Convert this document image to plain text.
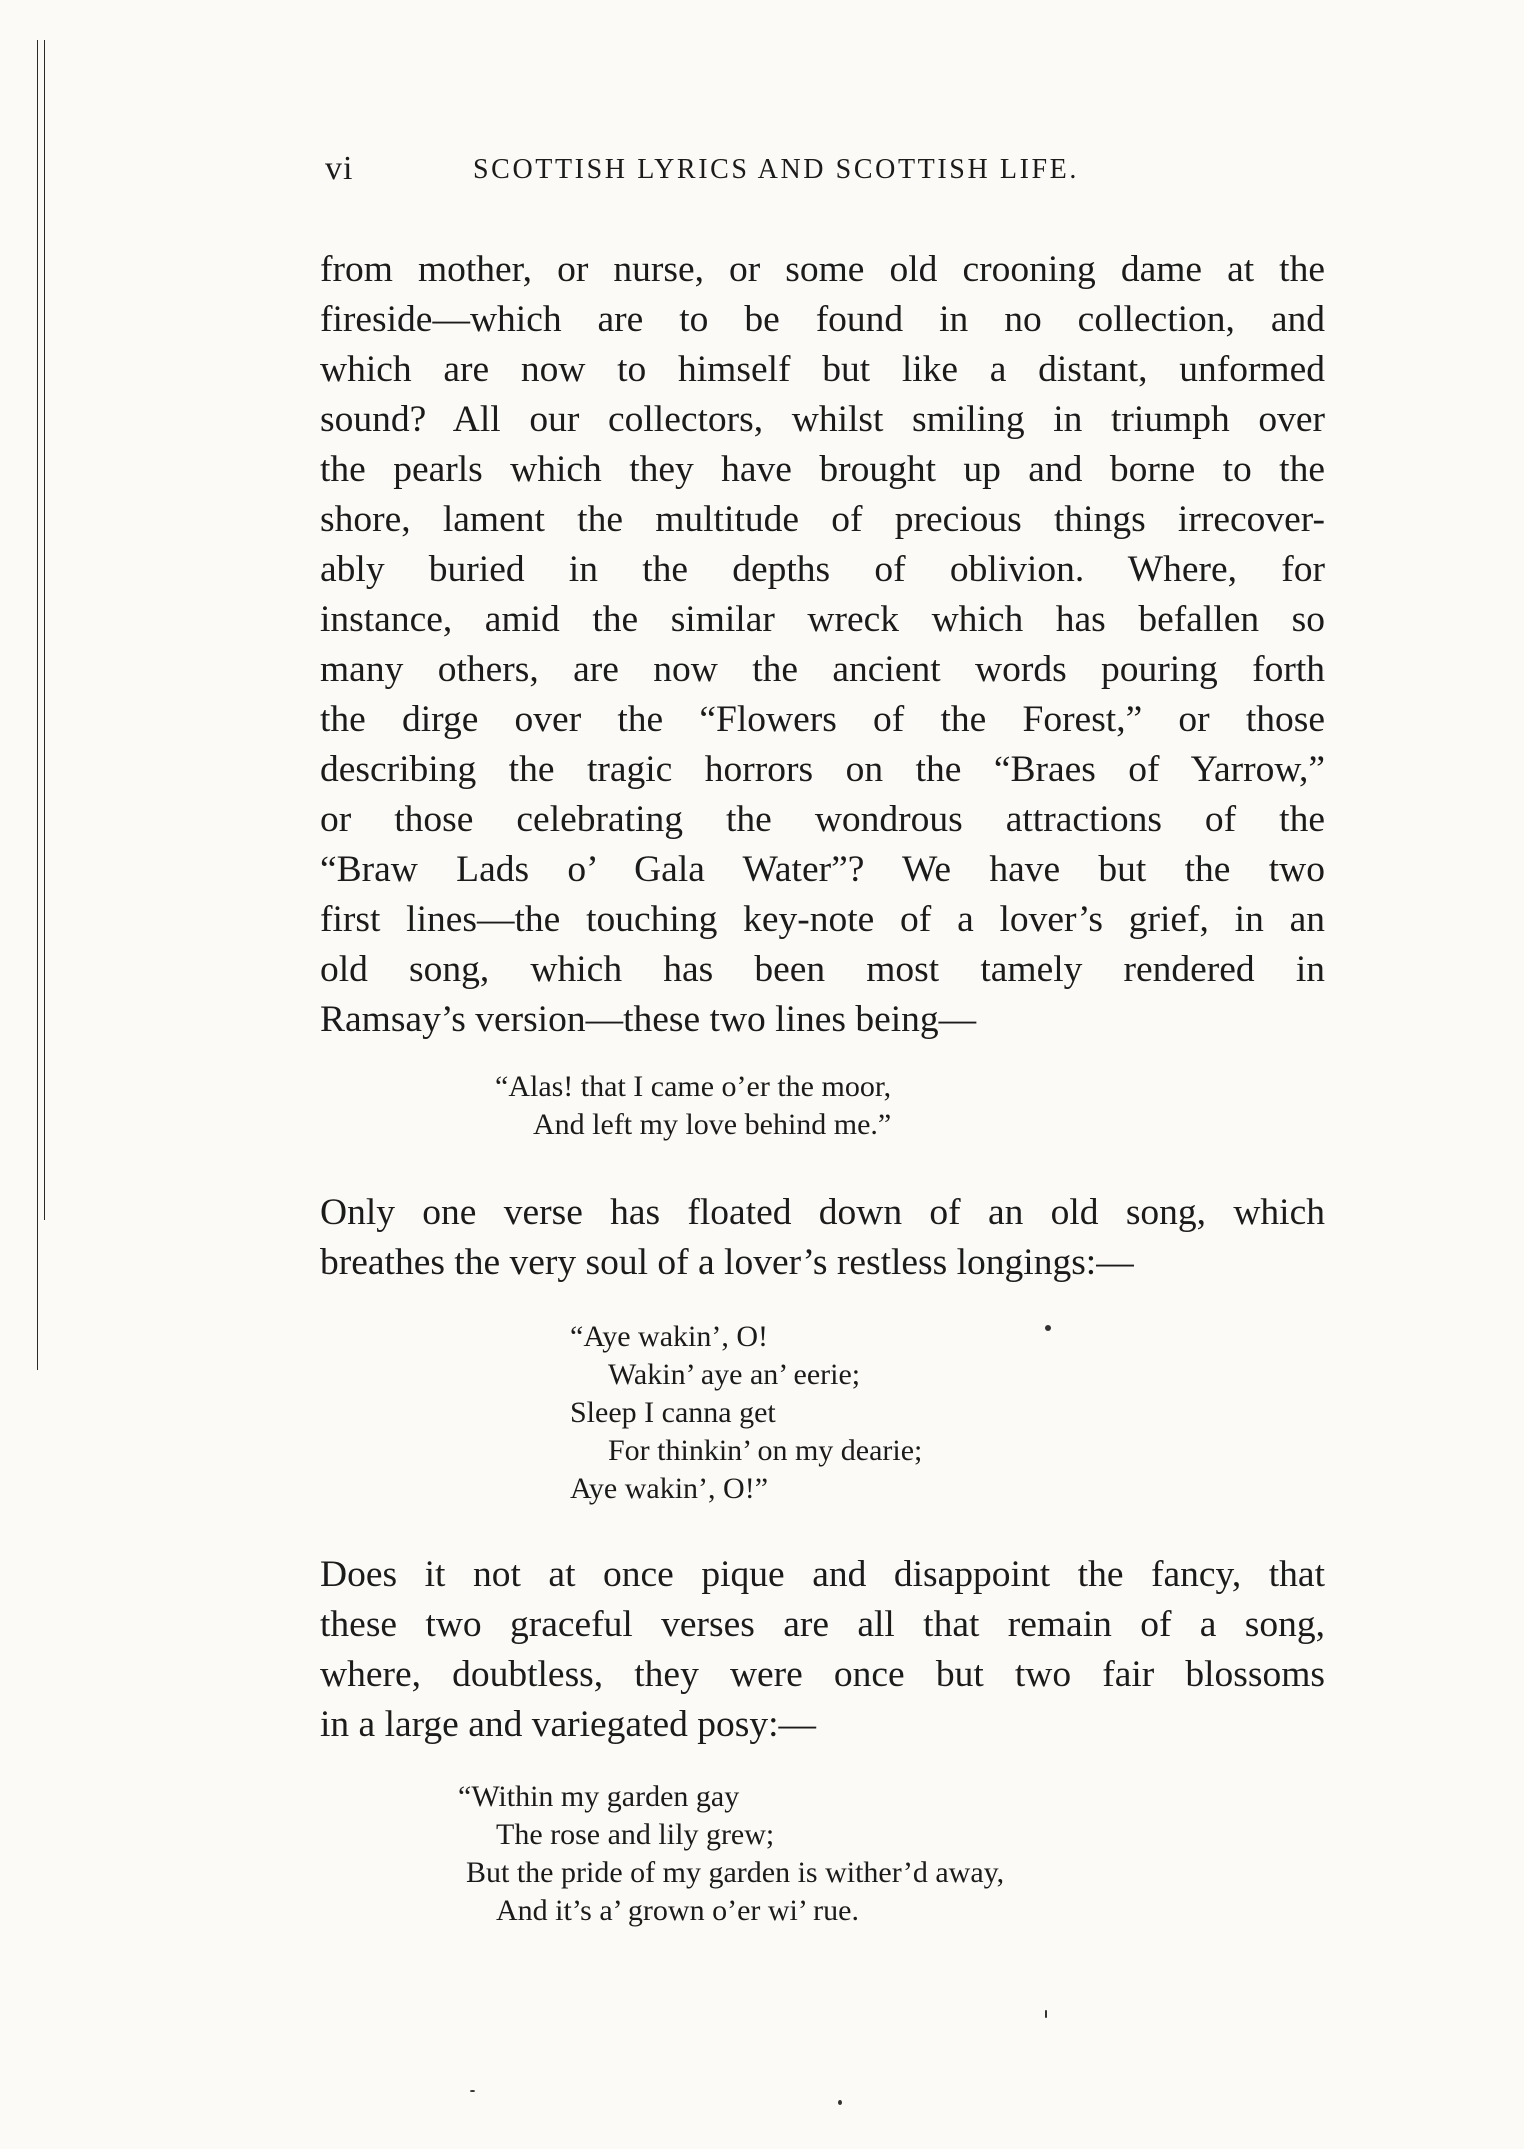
vi	SCOTTISH LYRICS AND SCOTTISH LIFE.
from mother, or nurse, or some old crooning dame at the
fireside—which are to be found in no collection, and
which are now to himself but like a distant, unformed
sound? All our collectors, whilst smiling in triumph over
the pearls which they have brought up and borne to the
shore, lament the multitude of precious things irrecover-
ably buried in the depths of oblivion. Where, for
instance, amid the similar wreck which has befallen so
many others, are now the ancient words pouring forth
the dirge over the “Flowers of the Forest,” or those
describing the tragic horrors on the “Braes of Yarrow,”
or those celebrating the wondrous attractions of the
“Braw Lads o’ Gala Water”? We have but the two
first lines—the touching key-note of a lover’s grief, in an
old song, which has been most tamely rendered in
Ramsay’s version—these two lines being—
“Alas! that I came o’er the moor,
And left my love behind me.”
Only one verse has floated down of an old song, which
breathes the very soul of a lover’s restless longings:—
“Aye wakin’, O!
Wakin’ aye an’ eerie;
Sleep I canna get
For thinkin’ on my dearie;
Aye wakin’, O!”
Does it not at once pique and disappoint the fancy, that
these two graceful verses are all that remain of a song,
where, doubtless, they were once but two fair blossoms
in a large and variegated posy:—
“Within my garden gay
The rose and lily grew;
But the pride of my garden is wither’d away,
And it’s a’ grown o’er wi’ rue.
